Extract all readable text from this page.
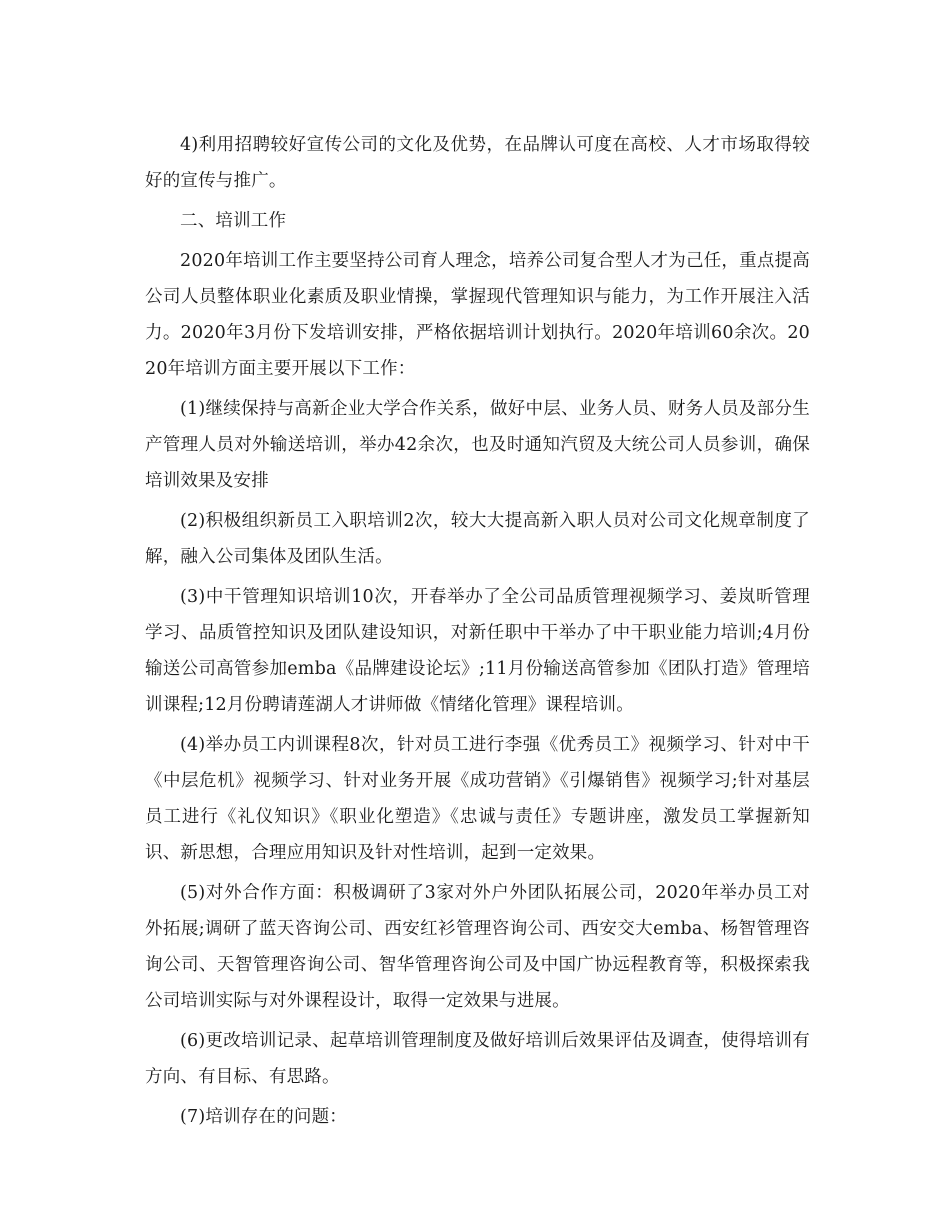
4)利用招聘较好宣传公司的文化及优势，在品牌认可度在高校、人才市场取得较好的宣传与推广。

二、培训工作

2020年培训工作主要坚持公司育人理念，培养公司复合型人才为己任，重点提高公司人员整体职业化素质及职业情操，掌握现代管理知识与能力，为工作开展注入活力。2020年3月份下发培训安排，严格依据培训计划执行。2020年培训60余次。2020年培训方面主要开展以下工作：

(1)继续保持与高新企业大学合作关系，做好中层、业务人员、财务人员及部分生产管理人员对外输送培训，举办42余次，也及时通知汽贸及大统公司人员参训，确保培训效果及安排

(2)积极组织新员工入职培训2次，较大大提高新入职人员对公司文化规章制度了解，融入公司集体及团队生活。

(3)中干管理知识培训10次，开春举办了全公司品质管理视频学习、姜岚昕管理学习、品质管控知识及团队建设知识，对新任职中干举办了中干职业能力培训;4月份输送公司高管参加emba《品牌建设论坛》;11月份输送高管参加《团队打造》管理培训课程;12月份聘请莲湖人才讲师做《情绪化管理》课程培训。

(4)举办员工内训课程8次，针对员工进行李强《优秀员工》视频学习、针对中干《中层危机》视频学习、针对业务开展《成功营销》《引爆销售》视频学习;针对基层员工进行《礼仪知识》《职业化塑造》《忠诚与责任》专题讲座，激发员工掌握新知识、新思想，合理应用知识及针对性培训，起到一定效果。

(5)对外合作方面：积极调研了3家对外户外团队拓展公司，2020年举办员工对外拓展;调研了蓝天咨询公司、西安红衫管理咨询公司、西安交大emba、杨智管理咨询公司、天智管理咨询公司、智华管理咨询公司及中国广协远程教育等，积极探索我公司培训实际与对外课程设计，取得一定效果与进展。

(6)更改培训记录、起草培训管理制度及做好培训后效果评估及调查，使得培训有方向、有目标、有思路。

(7)培训存在的问题：
